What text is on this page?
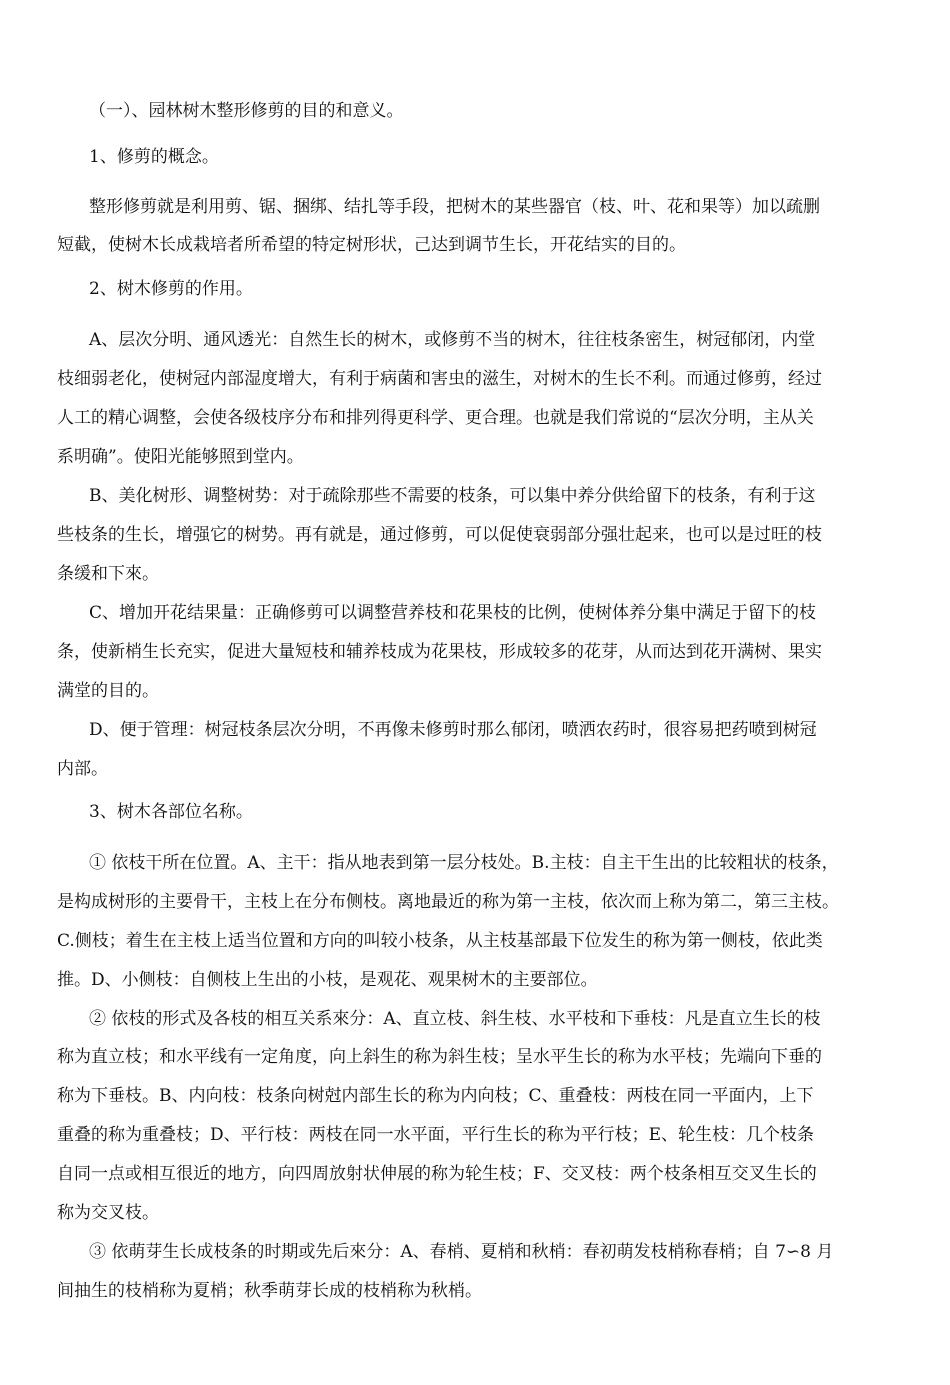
（一）、园林树木整形修剪的目的和意义。
1、修剪的概念。
整形修剪就是利用剪、锯、捆绑、结扎等手段，把树木的某些器官（枝、叶、花和果等）加以疏删
短截，使树木长成栽培者所希望的特定树形状，己达到调节生长，开花结实的目的。
2、树木修剪的作用。
A、层次分明、通风透光：自然生长的树木，或修剪不当的树木，往往枝条密生，树冠郁闭，内堂
枝细弱老化，使树冠内部湿度增大，有利于病菌和害虫的滋生，对树木的生长不利。而通过修剪，经过
人工的精心调整，会使各级枝序分布和排列得更科学、更合理。也就是我们常说的“层次分明，主从关
系明确”。使阳光能够照到堂内。
B、美化树形、调整树势：对于疏除那些不需要的枝条，可以集中养分供给留下的枝条，有利于这
些枝条的生长，增强它的树势。再有就是，通过修剪，可以促使衰弱部分强壮起来，也可以是过旺的枝
条缓和下來。
C、增加开花结果量：正确修剪可以调整营养枝和花果枝的比例，使树体养分集中满足于留下的枝
条，使新梢生长充实，促进大量短枝和辅养枝成为花果枝，形成较多的花芽，从而达到花开满树、果实
满堂的目的。
D、便于管理：树冠枝条层次分明，不再像未修剪时那么郁闭，喷洒农药时，很容易把药喷到树冠
内部。
3、树木各部位名称。
① 依枝干所在位置。A、主干：指从地表到第一层分枝处。B.主枝：自主干生出的比较粗状的枝条，
是构成树形的主要骨干，主枝上在分布侧枝。离地最近的称为第一主枝，依次而上称为第二，第三主枝。
C.侧枝；着生在主枝上适当位置和方向的叫较小枝条，从主枝基部最下位发生的称为第一侧枝，依此类
推。D、小侧枝：自侧枝上生出的小枝，是观花、观果树木的主要部位。
② 依枝的形式及各枝的相互关系來分：A、直立枝、斜生枝、水平枝和下垂枝：凡是直立生长的枝
称为直立枝；和水平线有一定角度，向上斜生的称为斜生枝；呈水平生长的称为水平枝；先端向下垂的
称为下垂枝。B、内向枝：枝条向树尅内部生长的称为内向枝；C、重叠枝：两枝在同一平面内，上下
重叠的称为重叠枝；D、平行枝：两枝在同一水平面，平行生长的称为平行枝；E、轮生枝：几个枝条
自同一点或相互很近的地方，向四周放射状伸展的称为轮生枝；F、交叉枝：两个枝条相互交叉生长的
称为交叉枝。
③ 依萌芽生长成枝条的时期或先后來分：A、春梢、夏梢和秋梢：春初萌发枝梢称春梢；自 7∽8 月
间抽生的枝梢称为夏梢；秋季萌芽长成的枝梢称为秋梢。
